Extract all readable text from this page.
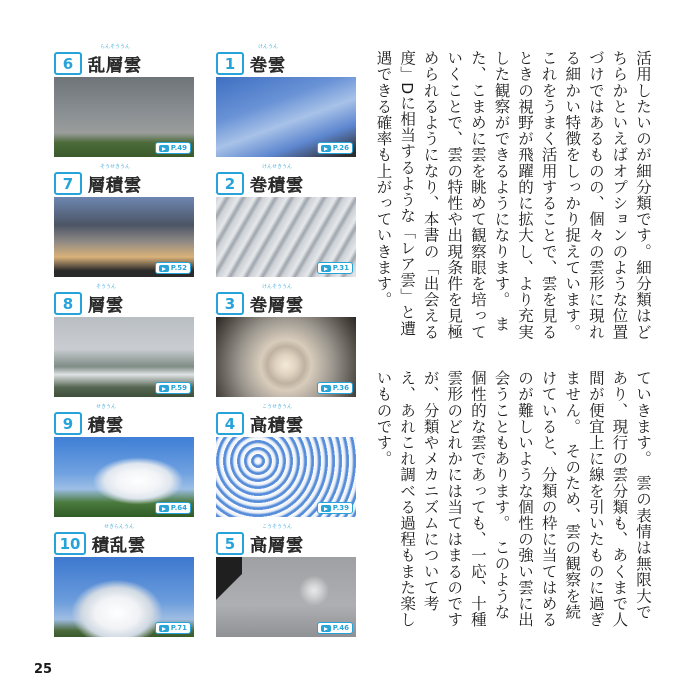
6
らんそううん
乱層雲
P.49
1
けんうん
巻雲
P.26
7
そうせきうん
層積雲
P.52
2
けんせきうん
巻積雲
P.31
8
そううん
層雲
P.59
3
けんそううん
巻層雲
P.36
9
せきうん
積雲
P.64
4
こうせきうん
高積雲
P.39
10
せきらんうん
積乱雲
P.71
5
こうそううん
高層雲
P.46
活用したいのが細分類です。細分類はどちらかといえばオプションのような位置づけではあるものの、個々の雲形に現れる細かい特徴をしっかり捉えています。　これをうまく活用することで、雲を見るときの視野が飛躍的に拡大し、より充実した観察ができるようになります。　また、こまめに雲を眺めて観察眼を培っていくことで、雲の特性や出現条件を見極められるようになり、本書の「出会える度」Dに相当するような「レア雲」と遭遇できる確率も上がっていきます。
ていきます。　雲の表情は無限大であり、現行の雲分類も、あくまで人間が便宜上に線を引いたものに過ぎません。　そのため、雲の観察を続けていると、分類の枠に当てはめるのが難しいような個性の強い雲に出会うこともあります。　このような個性的な雲であっても、一応、十種雲形のどれかには当てはまるのですが、分類やメカニズムについて考え、あれこれ調べる過程もまた楽しいものです。
25
